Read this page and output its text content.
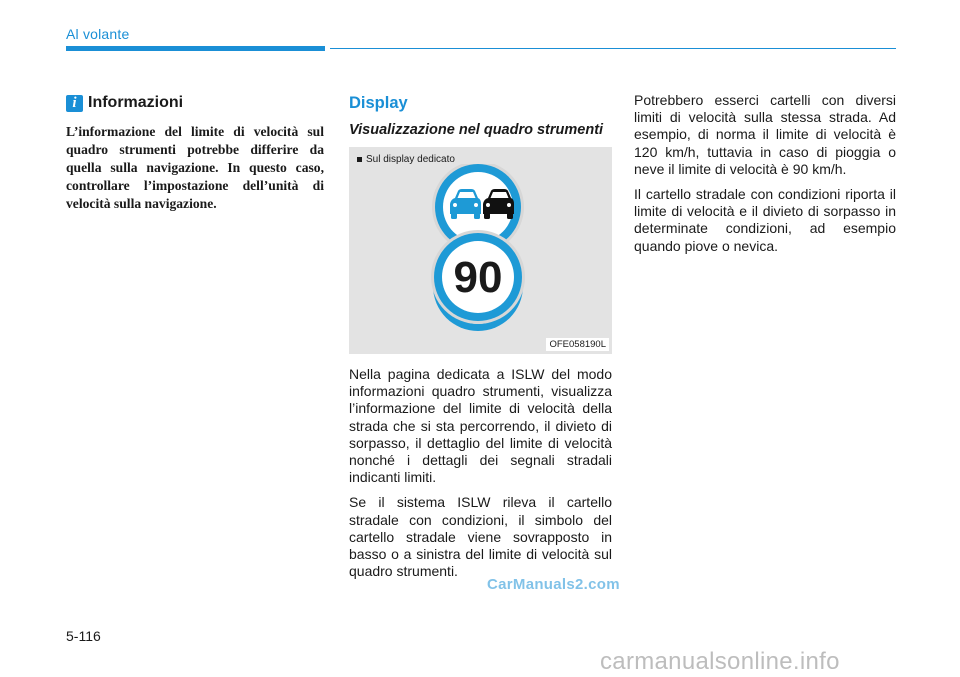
Al volante
i Informazioni

L’informazione del limite di velocità sul quadro strumenti potrebbe differire da quella sulla navigazione. In questo caso, controllare l’impostazione dell’unità di velocità sulla navigazione.

Display
Visualizzazione nel quadro strumenti
Sul display dedicato
90
OFE058190L

Nella pagina dedicata a ISLW del modo informazioni quadro strumenti, visualizza l’informazione del limite di velocità della strada che si sta percorrendo, il divieto di sorpasso, il dettaglio del limite di velocità nonché i dettagli dei segnali stradali indicanti limiti.

Se il sistema ISLW rileva il cartello stradale con condizioni, il simbolo del cartello stradale viene sovrapposto in basso o a sinistra del limite di velocità sul quadro strumenti.

Potrebbero esserci cartelli con diversi limiti di velocità sulla stessa strada. Ad esempio, di norma il limite di velocità è 120 km/h, tuttavia in caso di pioggia o neve il limite di velocità è 90 km/h.

Il cartello stradale con condizioni riporta il limite di velocità e il divieto di sorpasso in determinate condizioni, ad esempio quando piove o nevica.

CarManuals2.com
5-116
carmanualsonline.info
